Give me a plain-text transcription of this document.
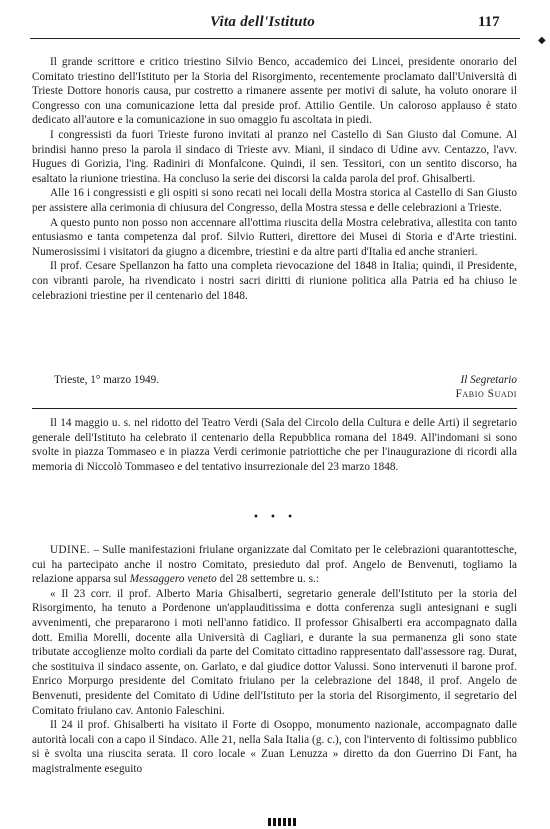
Vita dell'Istituto	117
◆

Il grande scrittore e critico triestino Silvio Benco, accademico dei Lincei, presidente onorario del Comitato triestino dell'Istituto per la Storia del Risorgimento, recentemente proclamato dall'Università di Trieste Dottore honoris causa, pur costretto a rimanere assente per motivi di salute, ha voluto onorare il Congresso con una comunicazione letta dal preside prof. Attilio Gentile. Un caloroso applauso è stato dedicato all'autore e la comunicazione in suo omaggio fu ascoltata in piedi.

I congressisti da fuori Trieste furono invitati al pranzo nel Castello di San Giusto dal Comune. Al brindisi hanno preso la parola il sindaco di Trieste avv. Miani, il sindaco di Udine avv. Centazzo, l'avv. Hugues di Gorizia, l'ing. Radiniri di Monfalcone. Quindi, il sen. Tessitori, con un sentito discorso, ha esaltato la riunione triestina. Ha concluso la serie dei discorsi la calda parola del prof. Ghisalberti.

Alle 16 i congressisti e gli ospiti si sono recati nei locali della Mostra storica al Castello di San Giusto per assistere alla cerimonia di chiusura del Congresso, della Mostra stessa e delle celebrazioni a Trieste.

A questo punto non posso non accennare all'ottima riuscita della Mostra celebrativa, allestita con tanto entusiasmo e tanta competenza dal prof. Silvio Rutteri, direttore dei Musei di Storia e d'Arte triestini. Numerosissimi i visitatori da giugno a dicembre, triestini e da altre parti d'Italia ed anche stranieri.

Il prof. Cesare Spellanzon ha fatto una completa rievocazione del 1848 in Italia; quindi, il Presidente, con vibranti parole, ha rivendicato i nostri sacri diritti di riunione politica alla Patria ed ha chiuso le celebrazioni triestine per il centenario del 1848.

Trieste, 1° marzo 1949.	Il Segretario
Fabio Suadi

Il 14 maggio u. s. nel ridotto del Teatro Verdi (Sala del Circolo della Cultura e delle Arti) il segretario generale dell'Istituto ha celebrato il centenario della Repubblica romana del 1849. All'indomani si sono svolte in piazza Tommaseo e in piazza Verdi cerimonie patriottiche che per l'inaugurazione di ricordi alla memoria di Niccolò Tommaseo e del tentativo insurrezionale del 23 marzo 1848.

• • •

UDINE. – Sulle manifestazioni friulane organizzate dal Comitato per le celebrazioni quarantottesche, cui ha partecipato anche il nostro Comitato, presieduto dal prof. Angelo de Benvenuti, togliamo la relazione apparsa sul Messaggero veneto del 28 settembre u. s.:

« Il 23 corr. il prof. Alberto Maria Ghisalberti, segretario generale dell'Istituto per la storia del Risorgimento, ha tenuto a Pordenone un'applauditissima e dotta conferenza sugli antesignani e sugli avvenimenti, che prepararono i moti nell'anno fatidico. Il professor Ghisalberti era accompagnato dalla dott. Emilia Morelli, docente alla Università di Cagliari, e durante la sua permanenza gli sono state tributate accoglienze molto cordiali da parte del Comitato cittadino rappresentato dall'assessore rag. Durat, che sostituiva il sindaco assente, on. Garlato, e dal giudice dottor Valussi. Sono intervenuti il barone prof. Enrico Morpurgo presidente del Comitato friulano per la celebrazione del 1848, il prof. Angelo de Benvenuti, presidente del Comitato di Udine dell'Istituto per la storia del Risorgimento, il segretario del Comitato friulano cav. Antonio Faleschini.

Il 24 il prof. Ghisalberti ha visitato il Forte di Osoppo, monumento nazionale, accompagnato dalle autorità locali con a capo il Sindaco. Alle 21, nella Sala Italia (g. c.), con l'intervento di foltissimo pubblico si è svolta una riuscita serata. Il coro locale « Zuan Lenuzza » diretto da don Guerrino Di Fant, ha magistralmente eseguito
